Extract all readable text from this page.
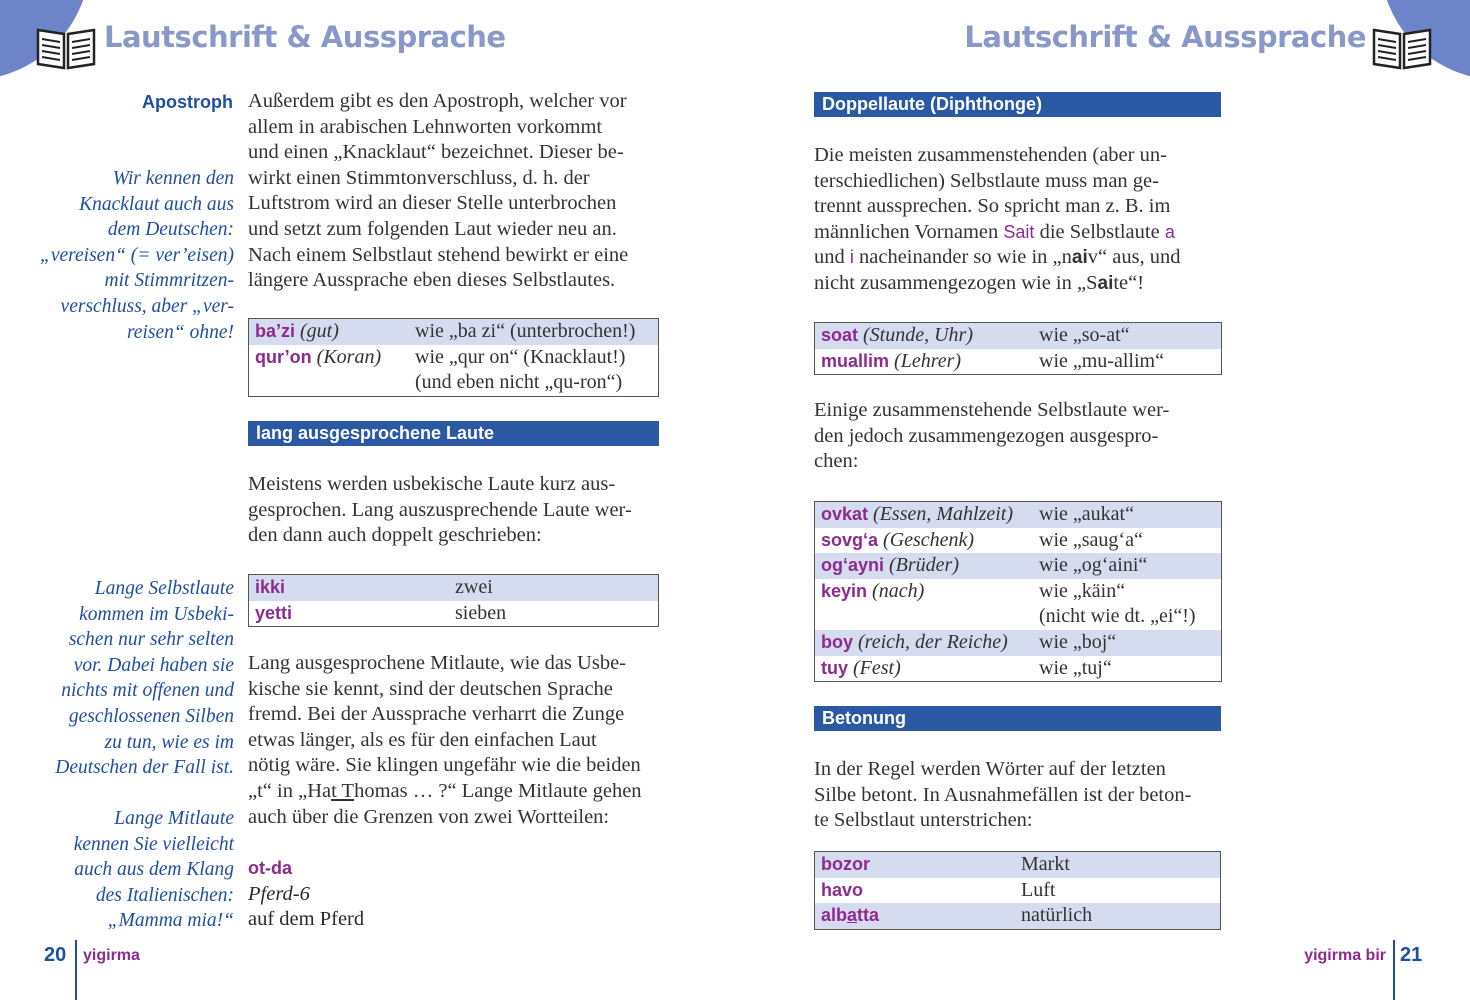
Lautschrift & Aussprache	Lautschrift & Aussprache
Apostroph Außerdem gibt es den Apostroph, welcher vor

allem in arabischen Lehnworten vorkommt

und einen „Knacklaut“ bezeichnet. Dieser be-

wirkt einen Stimmtonverschluss, d. h. der

Luftstrom wird an dieser Stelle unterbrochen

und setzt zum folgenden Laut wieder neu an.

Nach einem Selbstlaut stehend bewirkt er eine

längere Aussprache eben dieses Selbstlautes.

Wir kennen den
Knacklaut auch aus
dem Deutschen:
„vereisen“ (= ver’eisen)
mit Stimmritzen-
verschluss, aber „ver-
reisen“ ohne! ba’zi (gut)	wie „ba zi“ (unterbrochen!)
qur’on (Koran) wie „qur on“ (Knacklaut!)
(und eben nicht „qu-ron“)
lang ausgesprochene Laute

Meistens werden usbekische Laute kurz aus-

gesprochen. Lang auszusprechende Laute wer-

den dann auch doppelt geschrieben:

ikki	zwei
yetti	sieben
Lange Selbstlaute
kommen im Usbeki-
schen nur sehr selten
vor. Dabei haben sie
nichts mit offenen und
geschlossenen Silben
zu tun, wie es im
Deutschen der Fall ist.

Lang ausgesprochene Mitlaute, wie das Usbe-

kische sie kennt, sind der deutschen Sprache

fremd. Bei der Aussprache verharrt die Zunge

etwas länger, als es für den einfachen Laut

nötig wäre. Sie klingen ungefähr wie die beiden

„t“ in „Hat Thomas … ?“ Lange Mitlaute gehen

auch über die Grenzen von zwei Wortteilen:

Lange Mitlaute
kennen Sie vielleicht
auch aus dem Klang
des Italienischen:
„Mamma mia!“
ot-da
Pferd-6
auf dem Pferd
20 yigirma
Doppellaute (Diphthonge)

Die meisten zusammenstehenden (aber un-

terschiedlichen) Selbstlaute muss man ge-

trennt aussprechen. So spricht man z. B. im

männlichen Vornamen Sait die Selbstlaute a

und i nacheinander so wie in „naiv“ aus, und

nicht zusammengezogen wie in „Saite“!

soat (Stunde, Uhr)	wie „so-at“
muallim (Lehrer)	wie „mu-allim“

Einige zusammenstehende Selbstlaute wer-

den jedoch zusammengezogen ausgespro-

chen:

ovkat (Essen, Mahlzeit) wie „aukat“
sovg‘a (Geschenk)	wie „saug‘a“
og‘ayni (Brüder)	wie „og‘aini“
keyin (nach)	wie „käin“
(nicht wie dt. „ei“!)
boy (reich, der Reiche) wie „boj“
tuy (Fest)	wie „tuj“
Betonung

In der Regel werden Wörter auf der letzten

Silbe betont. In Ausnahmefällen ist der beton-

te Selbstlaut unterstrichen:

bozor	Markt
havo	Luft
albatta	natürlich
yigirma bir 21
